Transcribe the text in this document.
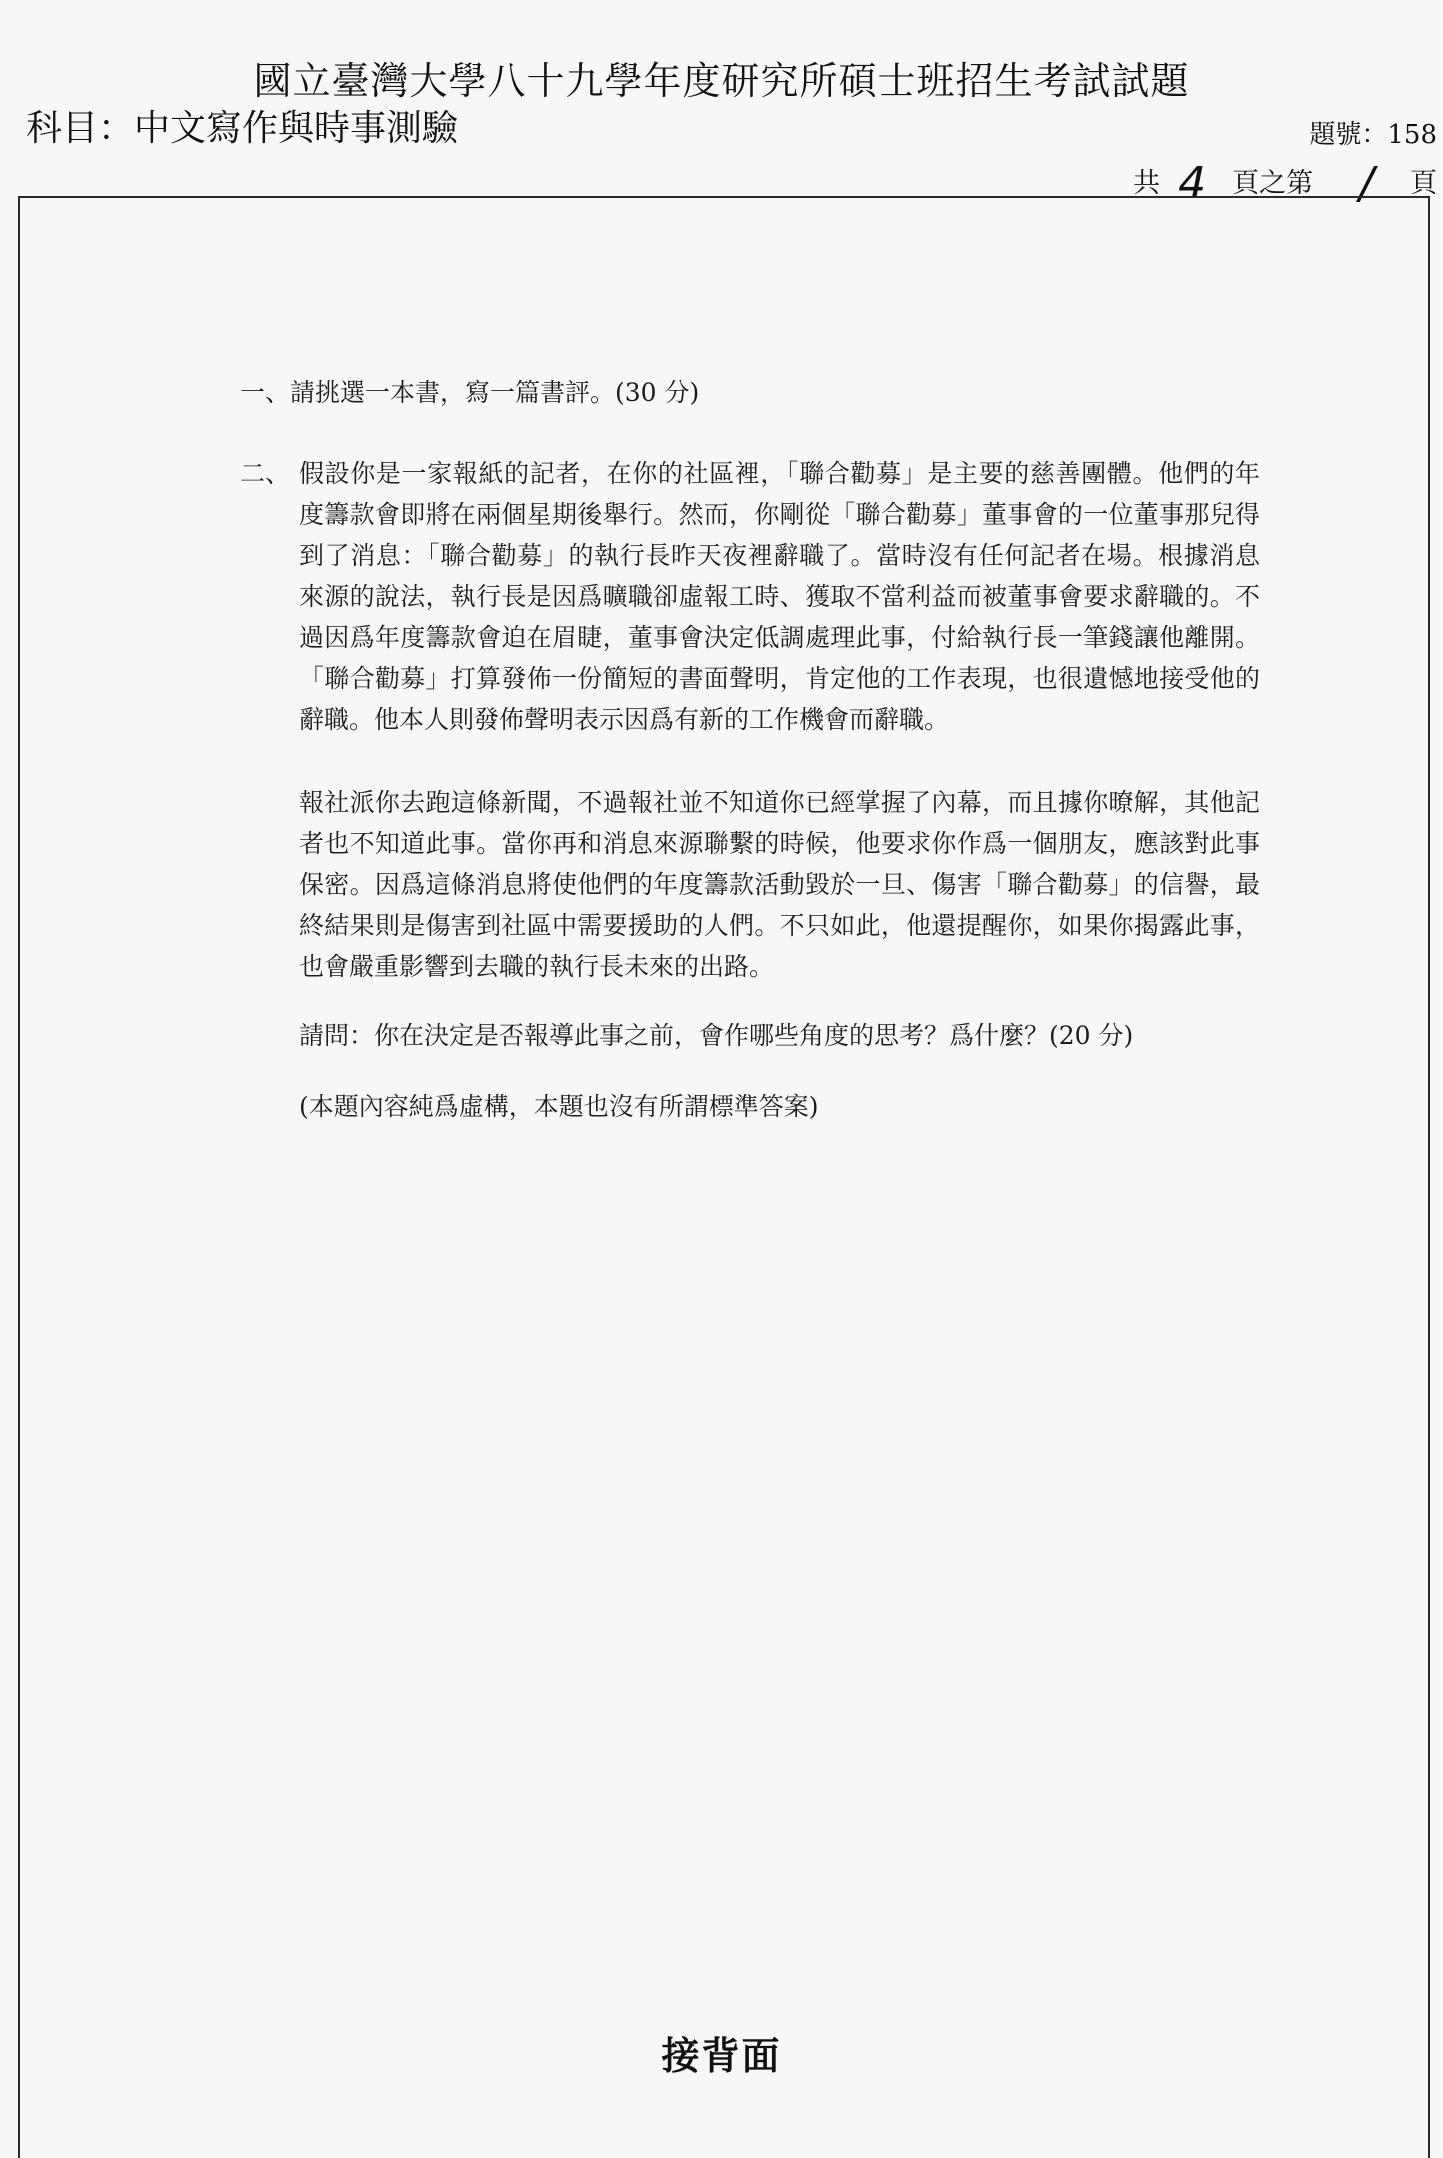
國立臺灣大學八十九學年度研究所碩士班招生考試試題
科目：中文寫作與時事測驗	題號：158
共 4 頁之第 / 頁
一、請挑選一本書，寫一篇書評。(30 分)
二、 假設你是一家報紙的記者，在你的社區裡，「聯合勸募」是主要的慈善團體。他們的年度籌款會即將在兩個星期後舉行。然而，你剛從「聯合勸募」董事會的一位董事那兒得到了消息：「聯合勸募」的執行長昨天夜裡辭職了。當時沒有任何記者在場。根據消息來源的說法，執行長是因爲曠職卻虛報工時、獲取不當利益而被董事會要求辭職的。不過因爲年度籌款會迫在眉睫，董事會決定低調處理此事，付給執行長一筆錢讓他離開。「聯合勸募」打算發佈一份簡短的書面聲明，肯定他的工作表現，也很遺憾地接受他的辭職。他本人則發佈聲明表示因爲有新的工作機會而辭職。

報社派你去跑這條新聞，不過報社並不知道你已經掌握了內幕，而且據你暸解，其他記者也不知道此事。當你再和消息來源聯繫的時候，他要求你作爲一個朋友，應該對此事保密。因爲這條消息將使他們的年度籌款活動毀於一旦、傷害「聯合勸募」的信譽，最終結果則是傷害到社區中需要援助的人們。不只如此，他還提醒你，如果你揭露此事，也會嚴重影響到去職的執行長未來的出路。

請問：你在決定是否報導此事之前，會作哪些角度的思考？爲什麼？(20 分)

(本題內容純爲虛構，本題也沒有所謂標準答案)

接背面
